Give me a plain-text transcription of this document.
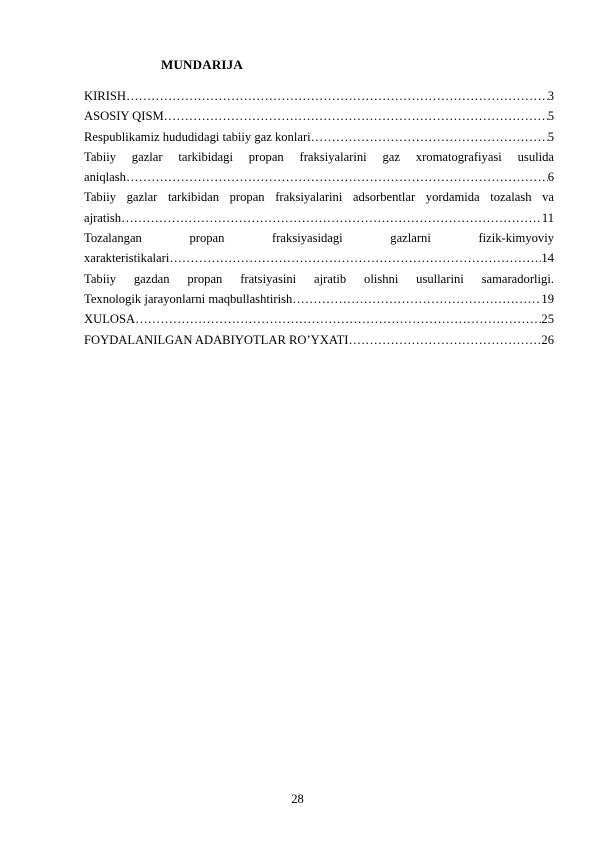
MUNDARIJA
KIRISH ……………………………………………………………………………………………………………………………………………………………………	3
ASOSIY QISM ……………………………………………………………………………………………………………………………………………………………………	5
Respublikamiz hududidagi tabiiy gaz konlari ……………………………………………………………………………………………………………………………………………………………………	5
Tabiiy gazlar tarkibidagi propan fraksiyalarini gaz xromatografiyasi usulida
aniqlash ……………………………………………………………………………………………………………………………………………………………………	6
Tabiiy gazlar tarkibidan propan fraksiyalarini adsorbentlar yordamida tozalash va
ajratish ……………………………………………………………………………………………………………………………………………………………………	11
Tozalangan propan fraksiyasidagi gazlarni fizik-kimyoviy
xarakteristikalari ……………………………………………………………………………………………………………………………………………………………………	14
Tabiiy gazdan propan fratsiyasini ajratib olishni usullarini samaradorligi.
Texnologik jarayonlarni maqbullashtirish ……………………………………………………………………………………………………………………………………………………………………	19
XULOSA ……………………………………………………………………………………………………………………………………………………………………	25
FOYDALANILGAN ADABIYOTLAR RO’YXATI ……………………………………………………………………………………………………………………………………………………………………	26
28
